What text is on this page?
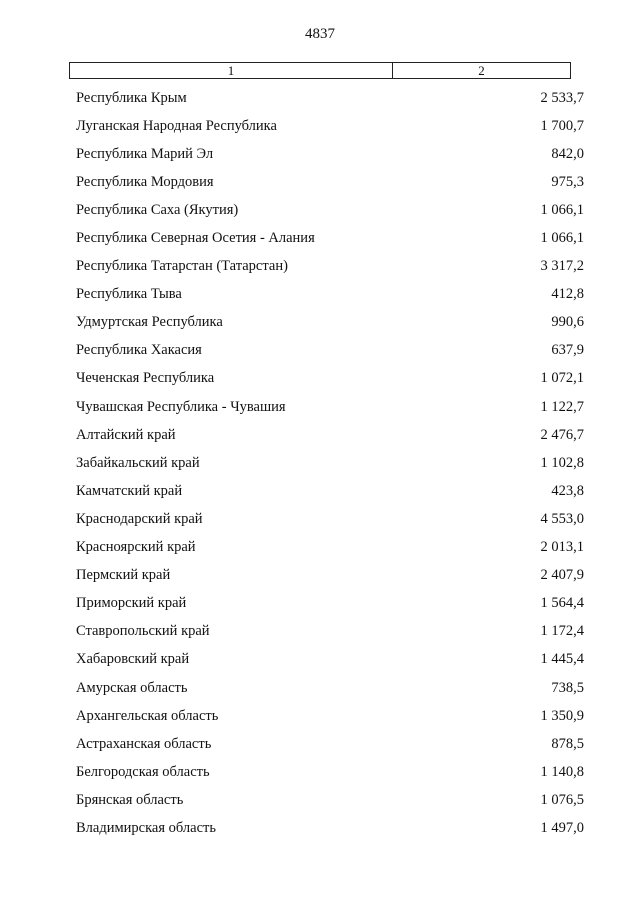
4837
1	2
Республика Крым	2 533,7
Луганская Народная Республика	1 700,7
Республика Марий Эл	842,0
Республика Мордовия	975,3
Республика Саха (Якутия)	1 066,1
Республика Северная Осетия - Алания	1 066,1
Республика Татарстан (Татарстан)	3 317,2
Республика Тыва	412,8
Удмуртская Республика	990,6
Республика Хакасия	637,9
Чеченская Республика	1 072,1
Чувашская Республика - Чувашия	1 122,7
Алтайский край	2 476,7
Забайкальский край	1 102,8
Камчатский край	423,8
Краснодарский край	4 553,0
Красноярский край	2 013,1
Пермский край	2 407,9
Приморский край	1 564,4
Ставропольский край	1 172,4
Хабаровский край	1 445,4
Амурская область	738,5
Архангельская область	1 350,9
Астраханская область	878,5
Белгородская область	1 140,8
Брянская область	1 076,5
Владимирская область	1 497,0
